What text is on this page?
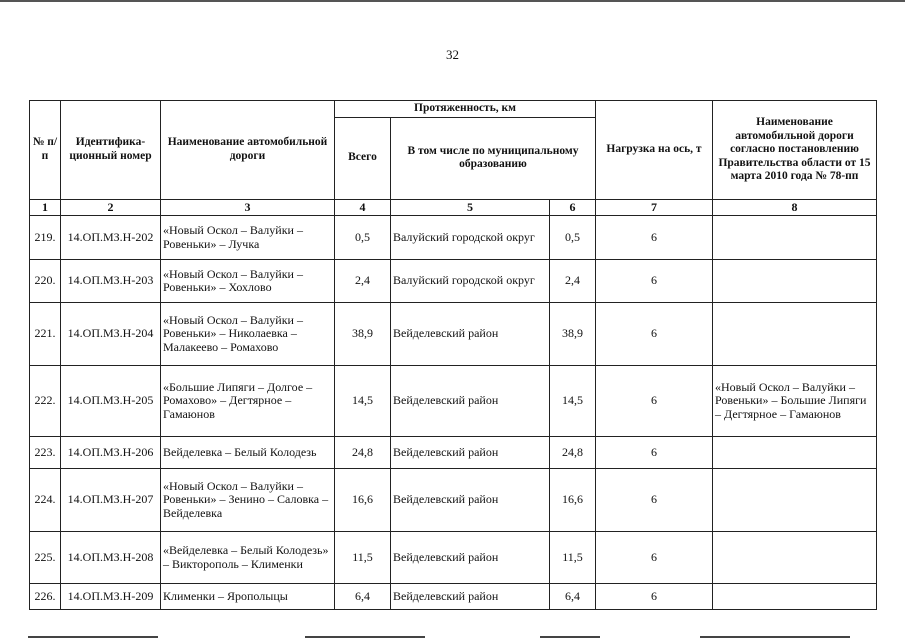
32
№ п/п	Идентифика-ционный номер	Наименование автомобильной дороги	Протяженность, км			Нагрузка на ось, т	Наименование автомобильной дороги согласно постановлению Правительства области от 15 марта 2010 года № 78-пп
			Всего	В том числе по муниципальному образованию			
1	2	3	4	5	6	7	8
219.	14.ОП.МЗ.Н-202	«Новый Оскол – Валуйки – Ровеньки» – Лучка	0,5	Валуйский городской округ	0,5	6	
220.	14.ОП.МЗ.Н-203	«Новый Оскол – Валуйки – Ровеньки» – Хохлово	2,4	Валуйский городской округ	2,4	6	
221.	14.ОП.МЗ.Н-204	«Новый Оскол – Валуйки – Ровеньки» – Николаевка – Малакеево – Ромахово	38,9	Вейделевский район	38,9	6	
222.	14.ОП.МЗ.Н-205	«Большие Липяги – Долгое – Ромахово» – Дегтярное – Гамаюнов	14,5	Вейделевский район	14,5	6	«Новый Оскол – Валуйки – Ровеньки» – Большие Липяги – Дегтярное – Гамаюнов
223.	14.ОП.МЗ.Н-206	Вейделевка – Белый Колодезь	24,8	Вейделевский район	24,8	6	
224.	14.ОП.МЗ.Н-207	«Новый Оскол – Валуйки – Ровеньки» – Зенино – Саловка – Вейделевка	16,6	Вейделевский район	16,6	6	
225.	14.ОП.МЗ.Н-208	«Вейделевка – Белый Колодезь» – Викторополь – Клименки	11,5	Вейделевский район	11,5	6	
226.	14.ОП.МЗ.Н-209	Клименки – Ярополыцы	6,4	Вейделевский район	6,4	6	
